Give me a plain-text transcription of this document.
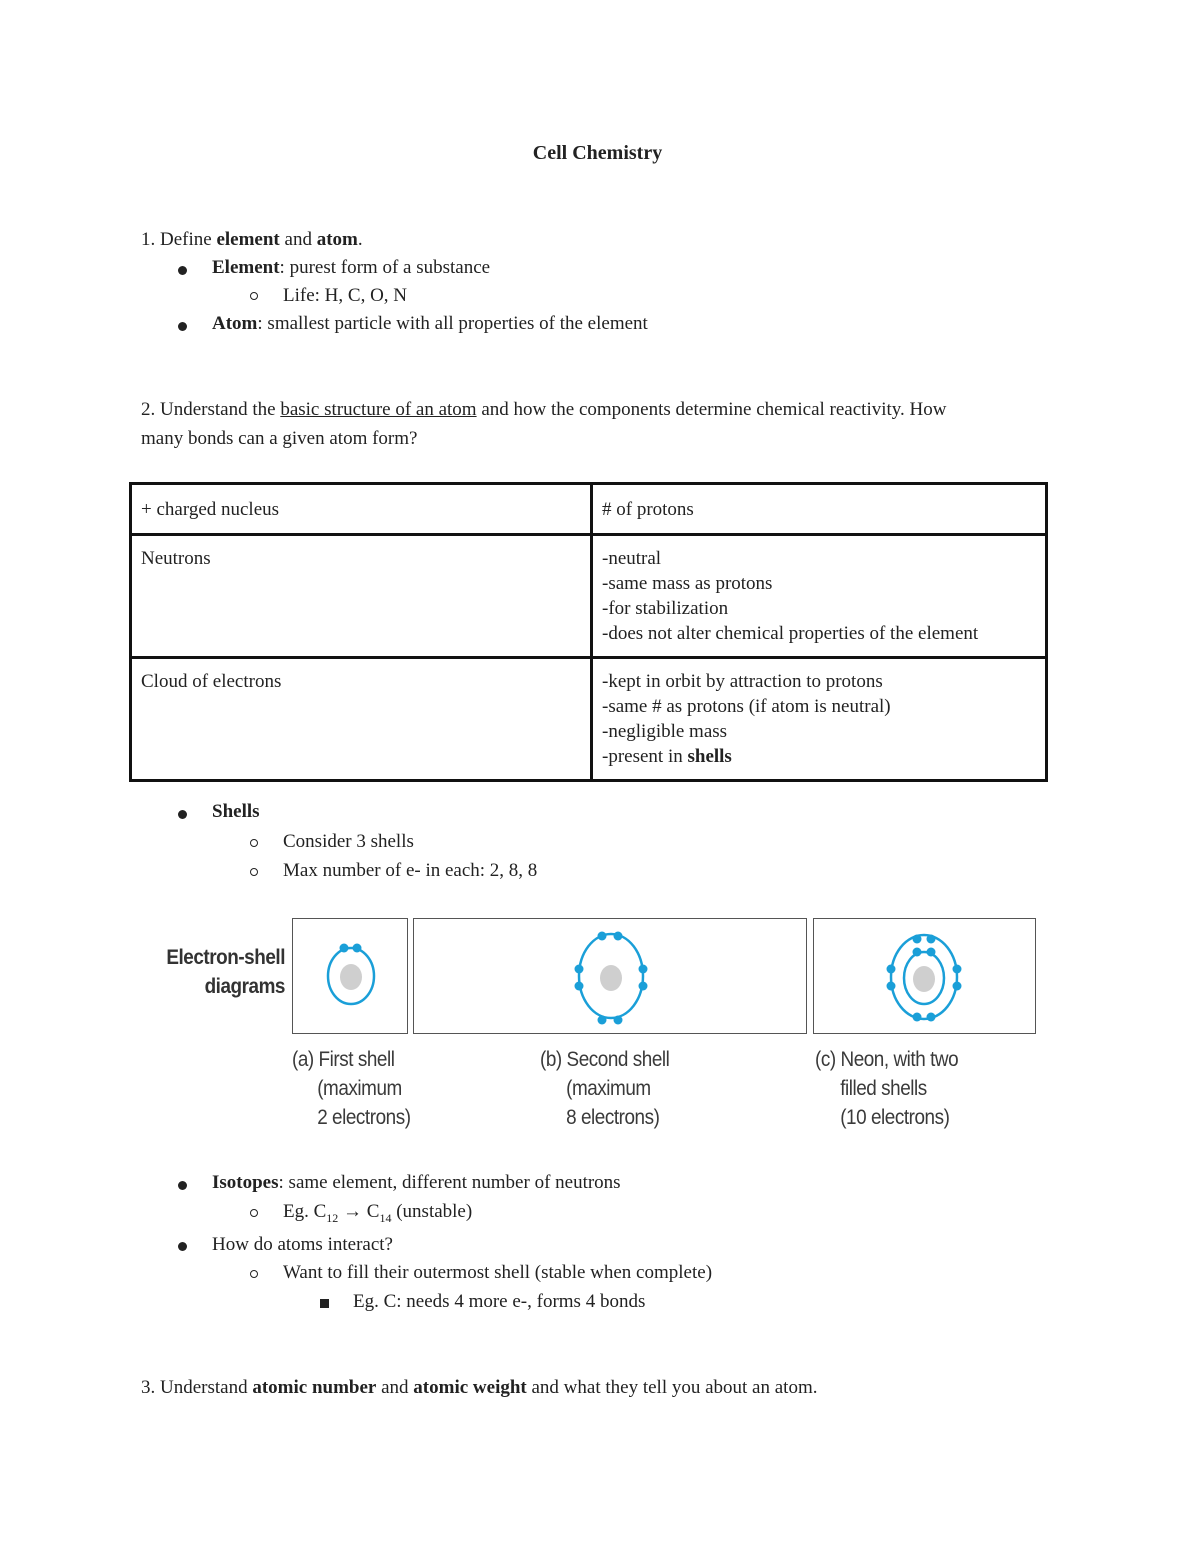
Cell Chemistry
1. Define element and atom.
Element: purest form of a substance
Life: H, C, O, N
Atom: smallest particle with all properties of the element
2. Understand the basic structure of an atom and how the components determine chemical reactivity. How
many bonds can a given atom form?
+ charged nucleus	# of protons
Neutrons	-neutral
-same mass as protons
-for stabilization
-does not alter chemical properties of the element

Cloud of electrons	-kept in orbit by attraction to protons
-same # as protons (if atom is neutral)
-negligible mass
-present in shells
Shells
Consider 3 shells
Max number of e- in each: 2, 8, 8
Electron-shell
diagrams
(a) First shell
(maximum
2 electrons)
(b) Second shell
(maximum
8 electrons)
(c) Neon, with two
filled shells
(10 electrons)
Isotopes: same element, different number of neutrons
Eg. $C_{12} \to C_{14}$ (unstable)
How do atoms interact?
Want to fill their outermost shell (stable when complete)
Eg. C: needs 4 more e-, forms 4 bonds
3. Understand atomic number and atomic weight and what they tell you about an atom.
